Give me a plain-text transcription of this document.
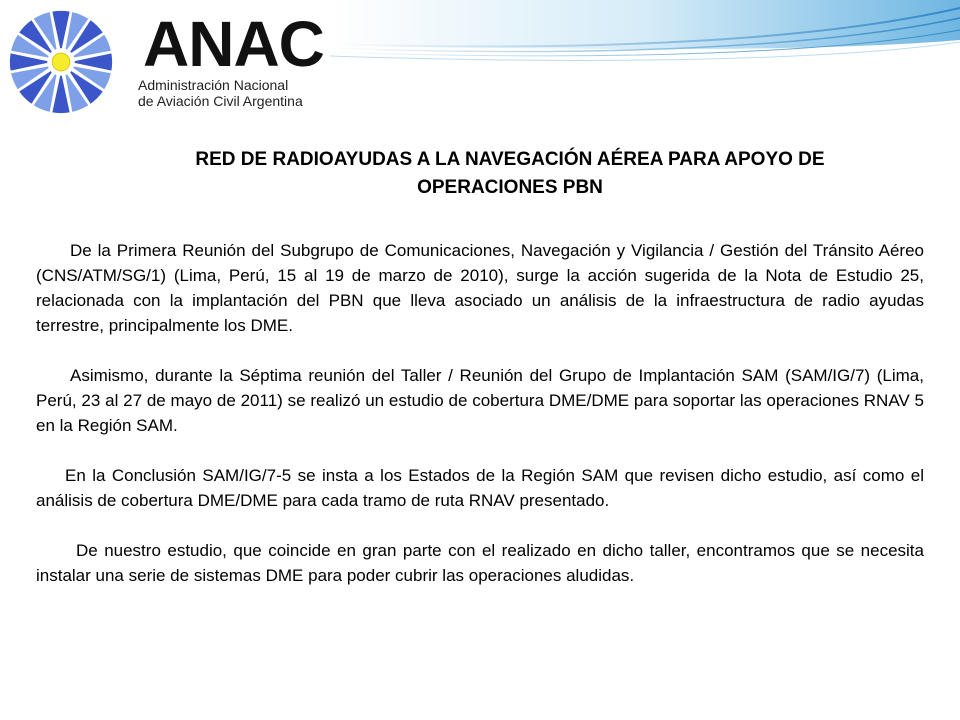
ANAC
Administración Nacional
de Aviación Civil Argentina
RED DE RADIOAYUDAS A LA NAVEGACIÓN AÉREA PARA APOYO DE
OPERACIONES PBN

De la Primera Reunión del Subgrupo de Comunicaciones, Navegación y Vigilancia / Gestión del Tránsito Aéreo (CNS/ATM/SG/1) (Lima, Perú, 15 al 19 de marzo de 2010), surge la acción sugerida de la Nota de Estudio 25, relacionada con la implantación del PBN que lleva asociado un análisis de la infraestructura de radio ayudas terrestre, principalmente los DME.

Asimismo, durante la Séptima reunión del Taller / Reunión del Grupo de Implantación SAM (SAM/IG/7) (Lima, Perú, 23 al 27 de mayo de 2011) se realizó un estudio de cobertura DME/DME para soportar las operaciones RNAV 5 en la Región SAM.

En la Conclusión SAM/IG/7-5 se insta a los Estados de la Región SAM que revisen dicho estudio, así como el análisis de cobertura DME/DME para cada tramo de ruta RNAV presentado.

De nuestro estudio, que coincide en gran parte con el realizado en dicho taller, encontramos que se necesita instalar una serie de sistemas DME para poder cubrir las operaciones aludidas.
